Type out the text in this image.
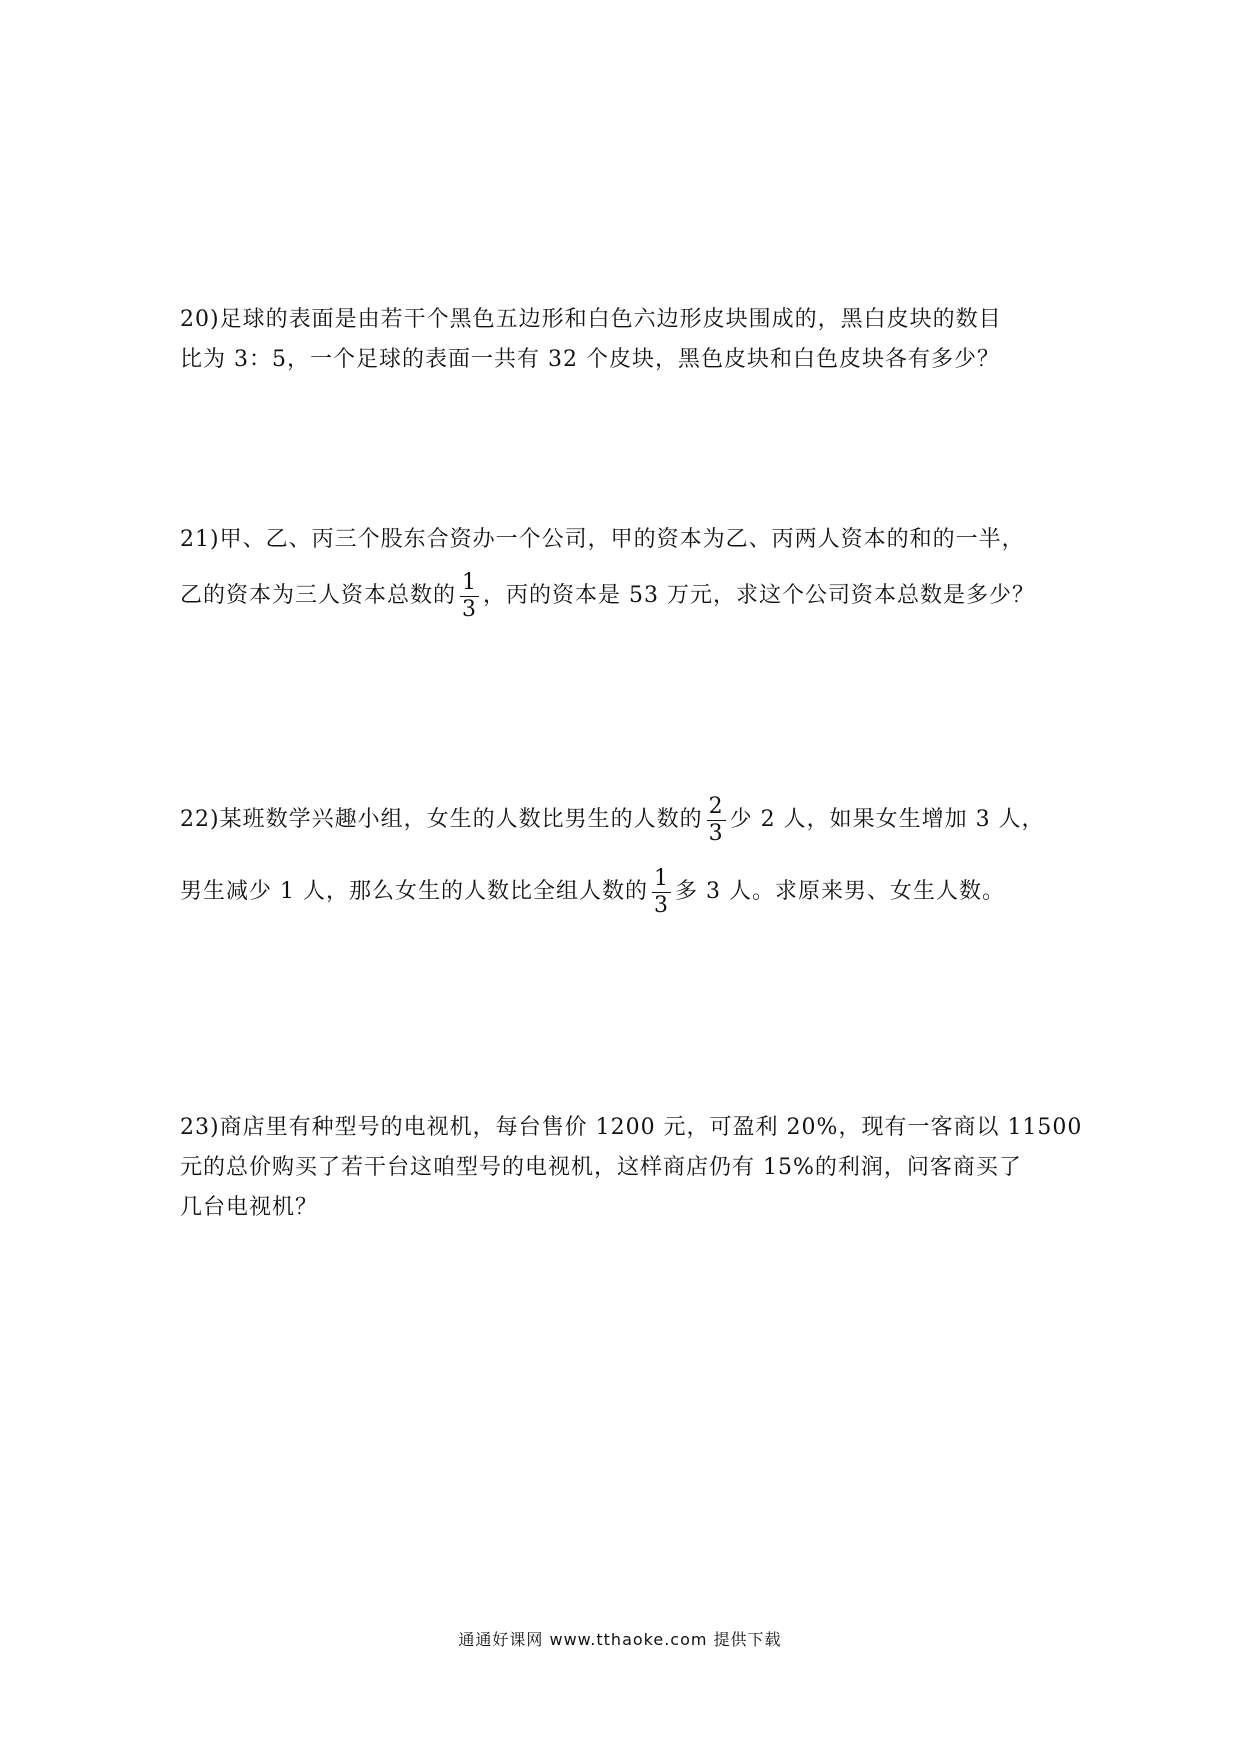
20)足球的表面是由若干个黑色五边形和白色六边形皮块围成的，黑白皮块的数目
比为 3：5，一个足球的表面一共有 32 个皮块，黑色皮块和白色皮块各有多少？
21)甲、乙、丙三个股东合资办一个公司，甲的资本为乙、丙两人资本的和的一半，
乙的资本为三人资本总数的 $\frac{1}{3}$ ，丙的资本是 53 万元，求这个公司资本总数是多少？
22)某班数学兴趣小组，女生的人数比男生的人数的 $\frac{2}{3}$ 少 2 人，如果女生增加 3 人，
男生减少 1 人，那么女生的人数比全组人数的 $\frac{1}{3}$ 多 3 人。求原来男、女生人数。
23)商店里有种型号的电视机，每台售价 1200 元，可盈利 20%，现有一客商以 11500
元的总价购买了若干台这咱型号的电视机，这样商店仍有 15%的利润，问客商买了
几台电视机？
通通好课网 www.tthaoke.com 提供下载
